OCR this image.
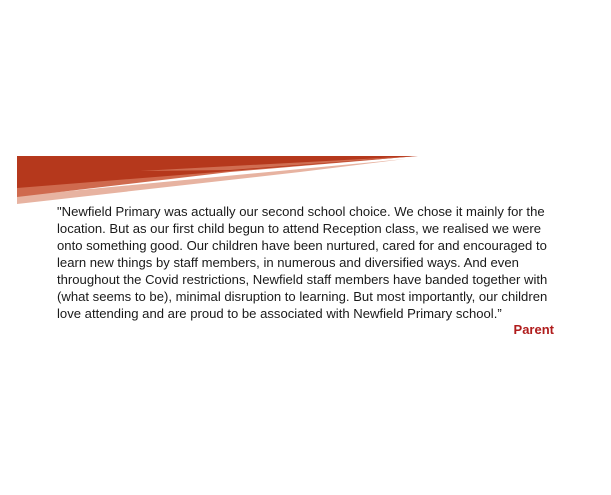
"Newfield Primary was actually our second school choice. We chose it mainly for the location. But as our first child begun to attend Reception class, we realised we were onto something good. Our children have been nurtured, cared for and encouraged to learn new things by staff members, in numerous and diversified ways. And even throughout the Covid restrictions, Newfield staff members have banded together with (what seems to be), minimal disruption to learning. But most importantly, our children love attending and are proud to be associated with Newfield Primary school.”

Parent
